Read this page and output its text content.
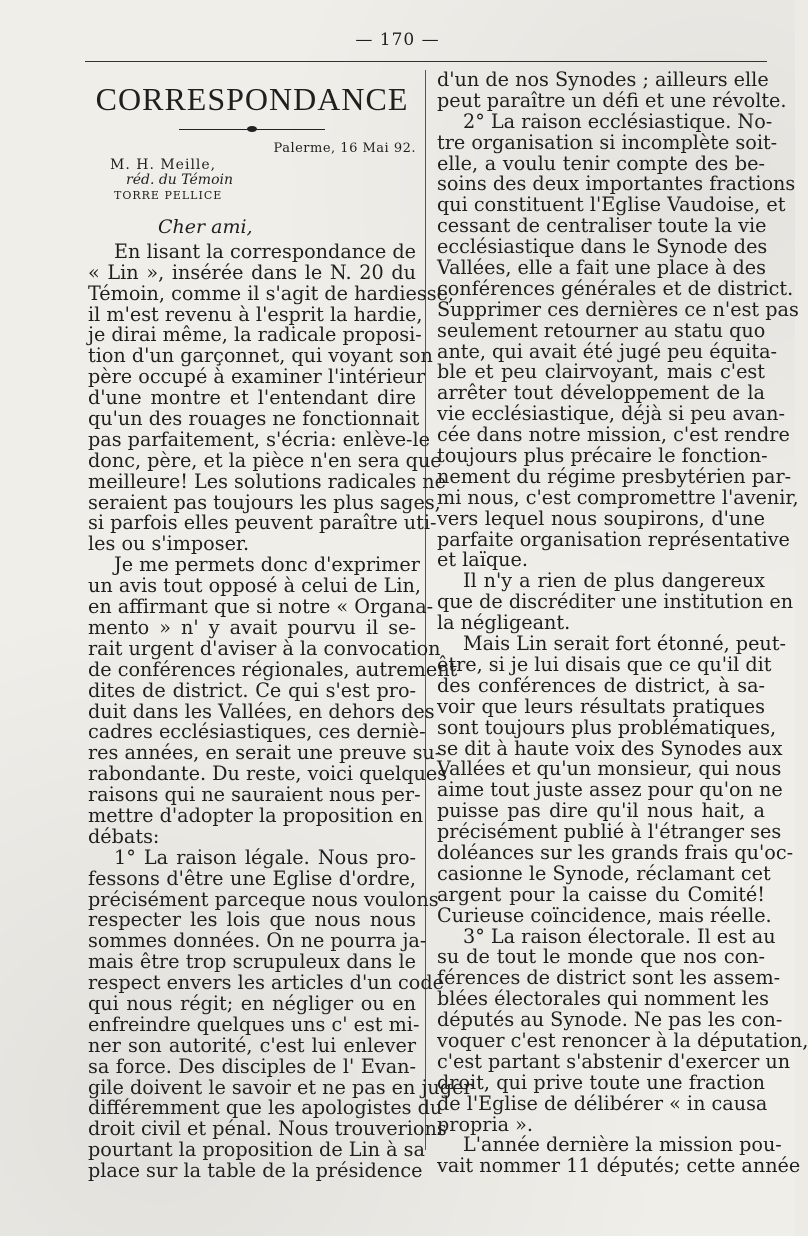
— 170 —
CORRESPONDANCE
Palerme, 16 Mai 92.
M. H. Meille,
réd. du Témoin
TORRE PELLICE

Cher ami,

En lisant la correspondance de
« Lin », insérée dans le N. 20 du
Témoin, comme il s'agit de hardiesse,
il m'est revenu à l'esprit la hardie,
je dirai même, la radicale proposi-
tion d'un garçonnet, qui voyant son
père occupé à examiner l'intérieur
d'une montre et l'entendant dire
qu'un des rouages ne fonctionnait
pas parfaitement, s'écria: enlève-le
donc, père, et la pièce n'en sera que
meilleure! Les solutions radicales ne
seraient pas toujours les plus sages,
si parfois elles peuvent paraître uti-
les ou s'imposer.
Je me permets donc d'exprimer
un avis tout opposé à celui de Lin,
en affirmant que si notre « Organa-
mento » n' y avait pourvu il se-
rait urgent d'aviser à la convocation
de conférences régionales, autrement
dites de district. Ce qui s'est pro-
duit dans les Vallées, en dehors des
cadres ecclésiastiques, ces derniè-
res années, en serait une preuve su-
rabondante. Du reste, voici quelques
raisons qui ne sauraient nous per-
mettre d'adopter la proposition en
débats:
1° La raison légale. Nous pro-
fessons d'être une Eglise d'ordre,
précisément parceque nous voulons
respecter les lois que nous nous
sommes données. On ne pourra ja-
mais être trop scrupuleux dans le
respect envers les articles d'un code
qui nous régit; en négliger ou en
enfreindre quelques uns c' est mi-
ner son autorité, c'est lui enlever
sa force. Des disciples de l' Evan-
gile doivent le savoir et ne pas en juger
différemment que les apologistes du
droit civil et pénal. Nous trouverions
pourtant la proposition de Lin à sa
place sur la table de la présidence
d'un de nos Synodes ; ailleurs elle
peut paraître un défi et une révolte.
2° La raison ecclésiastique. No-
tre organisation si incomplète soit-
elle, a voulu tenir compte des be-
soins des deux importantes fractions
qui constituent l'Eglise Vaudoise, et
cessant de centraliser toute la vie
ecclésiastique dans le Synode des
Vallées, elle a fait une place à des
conférences générales et de district.
Supprimer ces dernières ce n'est pas
seulement retourner au statu quo
ante, qui avait été jugé peu équita-
ble et peu clairvoyant, mais c'est
arrêter tout développement de la
vie ecclésiastique, déjà si peu avan-
cée dans notre mission, c'est rendre
toujours plus précaire le fonction-
nement du régime presbytérien par-
mi nous, c'est compromettre l'avenir,
vers lequel nous soupirons, d'une
parfaite organisation représentative
et laïque.
Il n'y a rien de plus dangereux
que de discréditer une institution en
la négligeant.
Mais Lin serait fort étonné, peut-
être, si je lui disais que ce qu'il dit
des conférences de district, à sa-
voir que leurs résultats pratiques
sont toujours plus problématiques,
se dit à haute voix des Synodes aux
Vallées et qu'un monsieur, qui nous
aime tout juste assez pour qu'on ne
puisse pas dire qu'il nous hait, a
précisément publié à l'étranger ses
doléances sur les grands frais qu'oc-
casionne le Synode, réclamant cet
argent pour la caisse du Comité!
Curieuse coïncidence, mais réelle.
3° La raison électorale. Il est au
su de tout le monde que nos con-
férences de district sont les assem-
blées électorales qui nomment les
députés au Synode. Ne pas les con-
voquer c'est renoncer à la députation,
c'est partant s'abstenir d'exercer un
droit, qui prive toute une fraction
de l'Eglise de délibérer « in causa
propria ».
L'année dernière la mission pou-
vait nommer 11 députés; cette année
